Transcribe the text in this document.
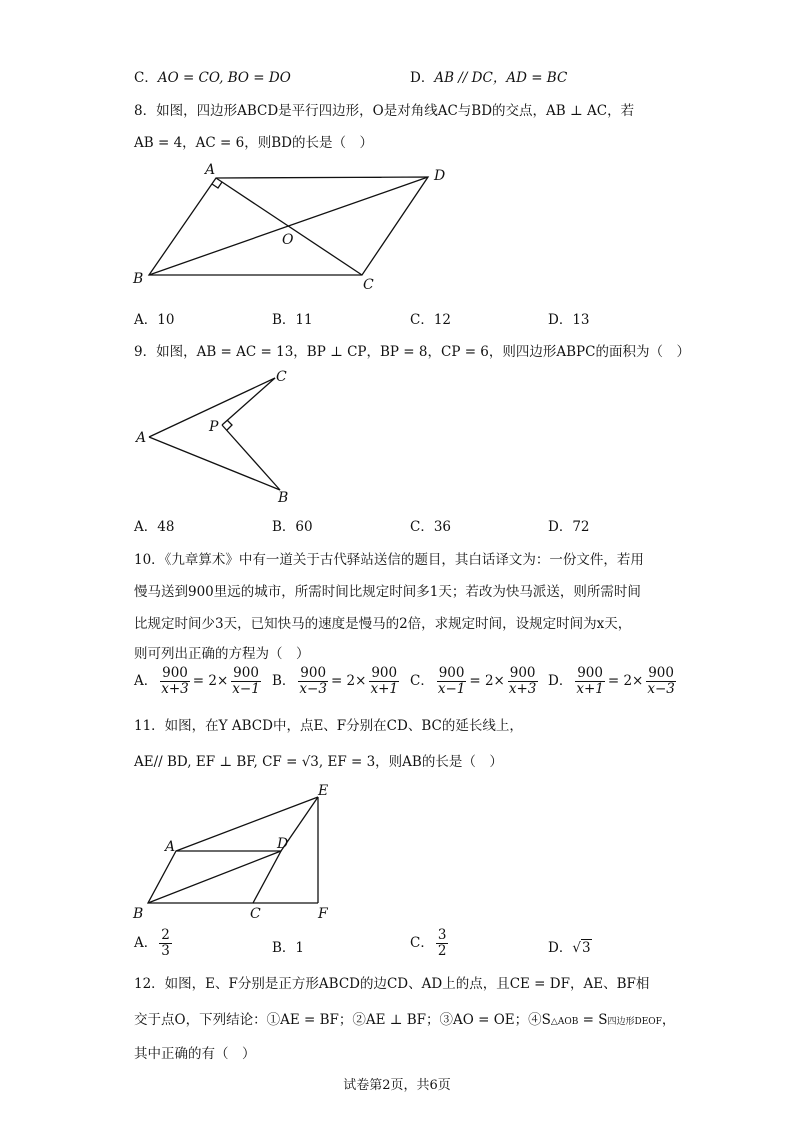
C．AO = CO, BO = DO	D．AB // DC，AD = BC
8．如图，四边形ABCD是平行四边形，O是对角线AC与BD的交点，AB ⊥ AC，若
AB = 4，AC = 6，则BD的长是（　）
A
B	C
D
O
A
B
C
P
A
B	C
D
E
F
A．10	B．11	C．12	D．13
9．如图，AB = AC = 13，BP ⊥ CP，BP = 8，CP = 6，则四边形ABPC的面积为（　）
A．48	B．60	C．36	D．72
10．《九章算术》中有一道关于古代驿站送信的题目，其白话译文为：一份文件，若用
慢马送到900里远的城市，所需时间比规定时间多1天；若改为快马派送，则所需时间
比规定时间少3天，已知快马的速度是慢马的2倍，求规定时间，设规定时间为x天，
则可列出正确的方程为（　）
A． $\frac{900}{x+3} = 2\times \frac{900}{x-1}$ B． $\frac{900}{x-3} = 2\times \frac{900}{x+1}$ C． $\frac{900}{x-1} = 2\times \frac{900}{x+3}$ D． $\frac{900}{x+1} = 2\times \frac{900}{x-3}$
11．如图，在Y ABCD中，点E、F分别在CD、BC的延长线上，
AE// BD, EF ⊥ BF, CF = √3, EF = 3，则AB的长是（　）
A． $\frac{2}{3}$	B．1	C． $\frac{3}{2}$	D．√3
12．如图，E、F分别是正方形ABCD的边CD、AD上的点，且CE = DF，AE、BF相
交于点O，下列结论：①AE = BF；②AE ⊥ BF；③AO = OE；④S△AOB = S四边形DEOF，
其中正确的有（　）
试卷第2页，共6页
